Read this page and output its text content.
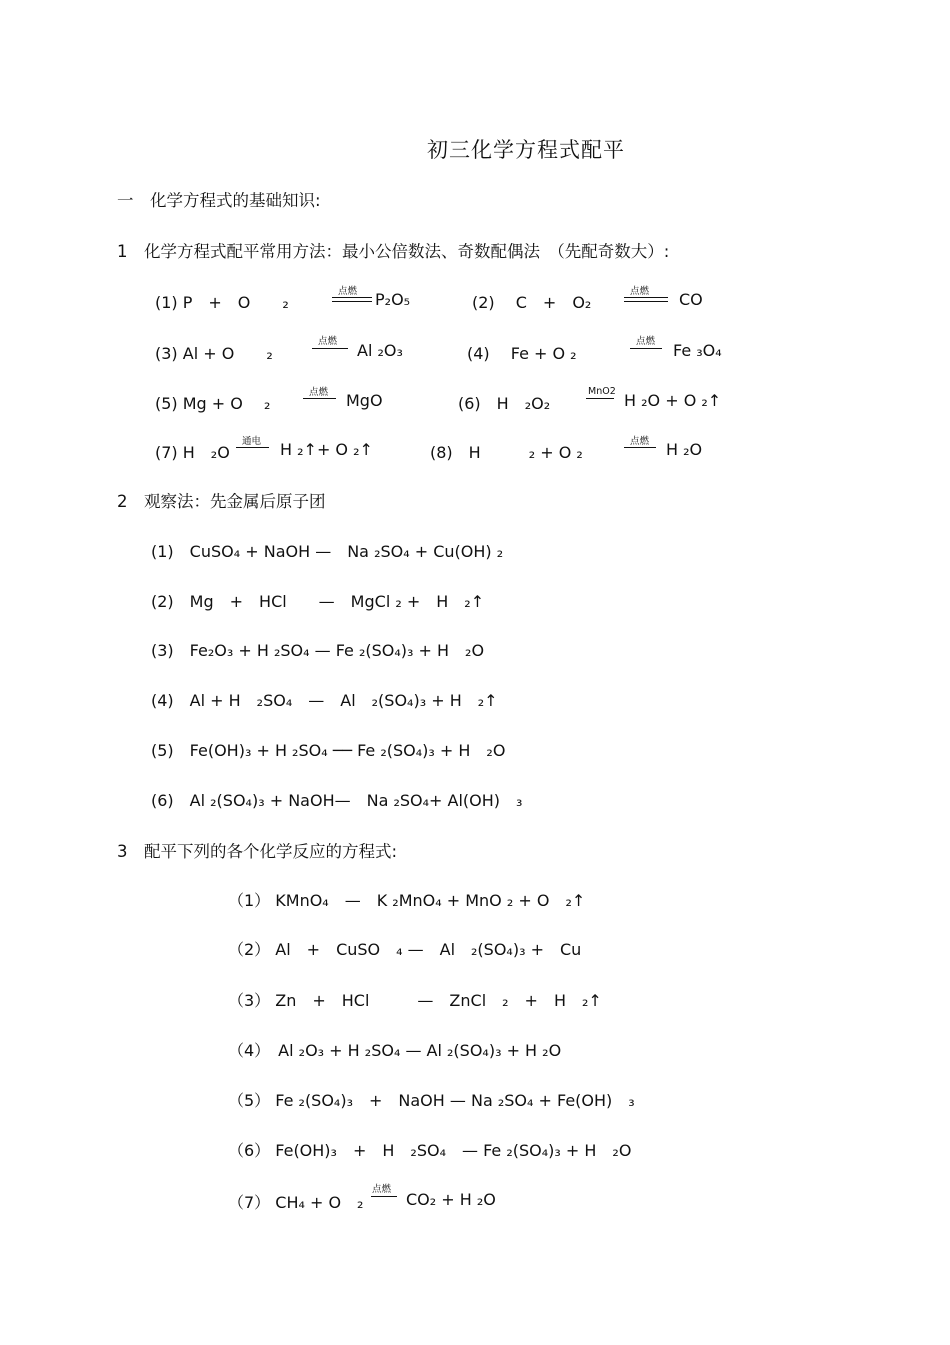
初三化学方程式配平
一　化学方程式的基础知识:
1　化学方程式配平常用方法：最小公倍数法、奇数配偶法　（先配奇数大）:
(1) P　+　O　　₂
点燃 P₂O₅	(2)　 C　+　O₂
点燃 CO
(3) Al + O　　₂
点燃 Al ₂O₃	(4)　 Fe + O ₂
点燃 Fe ₃O₄
(5) Mg + O　 ₂
点燃 MgO	(6)　H　₂O₂
MnO2 H ₂O + O ₂↑
(7) H　₂O
通电 H ₂↑+ O ₂↑	(8)　H　　　₂ + O ₂
点燃 H ₂O
2　观察法：先金属后原子团
(1)　CuSO₄ + NaOH —　Na ₂SO₄ + Cu(OH) ₂
(2)　Mg　+　HCl　　—　MgCl ₂ +　H　₂↑
(3)　Fe₂O₃ + H ₂SO₄ — Fe ₂(SO₄)₃ + H　₂O
(4)　Al + H　₂SO₄　—　Al　₂(SO₄)₃ + H　₂↑
(5)　Fe(OH)₃ + H ₂SO₄ ── Fe ₂(SO₄)₃ + H　₂O
(6)　Al ₂(SO₄)₃ + NaOH—　Na ₂SO₄+ Al(OH)　₃
3　配平下列的各个化学反应的方程式:
（1） KMnO₄　—　K ₂MnO₄ + MnO ₂ + O　₂↑
（2） Al　+　CuSO　₄ —　Al　₂(SO₄)₃ +　Cu
（3） Zn　+　HCl　　　—　ZnCl　₂　+　H　₂↑
（4）　Al ₂O₃ + H ₂SO₄ — Al ₂(SO₄)₃ + H ₂O
（5） Fe ₂(SO₄)₃　+　NaOH — Na ₂SO₄ + Fe(OH)　₃
（6） Fe(OH)₃　+　H　₂SO₄　— Fe ₂(SO₄)₃ + H　₂O
（7） CH₄ + O　₂
点燃
CO₂ + H ₂O
